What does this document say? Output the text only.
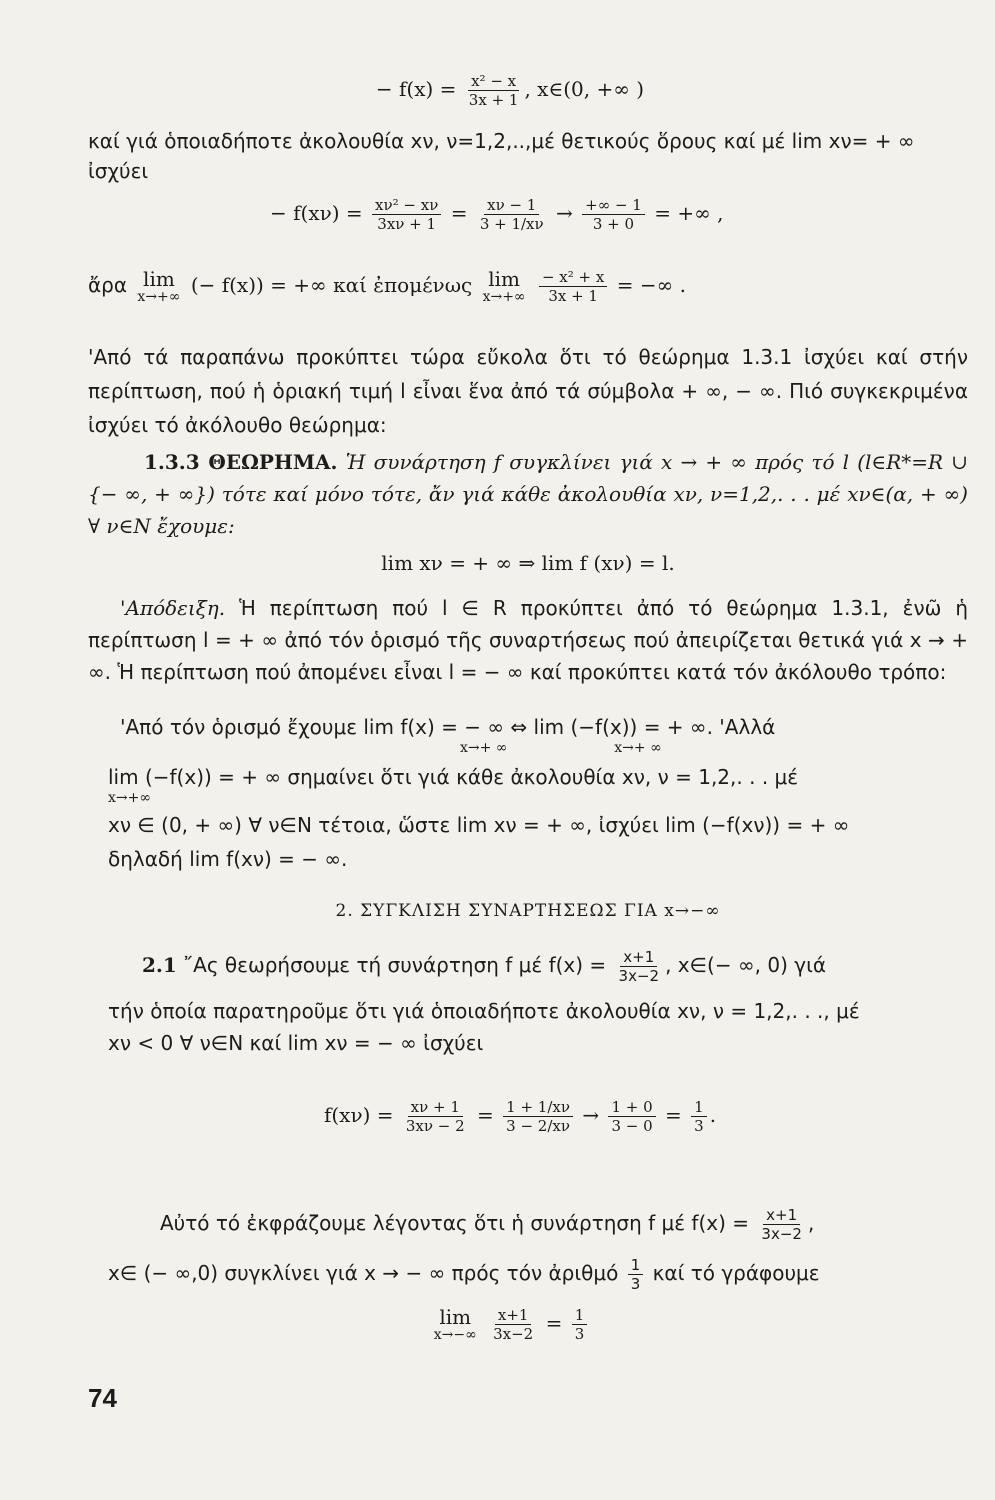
− $f(x) = \frac{\text{x² − x}}{3x + 1}$ , x∈(0, +∞ )
καί γιά ὁποιαδήποτε ἀκολουθία xν, ν=1,2,..,μέ θετικούς ὅρους καί μέ lim xν= + ∞
ἰσχύει
− $f(x\nu) = \frac{\text{xν² − xν}}{3x\nu + 1} = \frac{x\nu - 1}{3 + 1/x\nu} \to \frac{+\infty - 1}{3 + 0}$ = +∞ ,
ἄρα lim
x→+∞ (− f(x)) = +∞ καί ἐπομένως lim
x→+∞
$\frac{\text{− x² + x}}{3x + 1}$ = −∞ .
'Από τά παραπάνω προκύπτει τώρα εὔκολα ὅτι τό θεώρημα 1.3.1 ἰσχύει καί στήν περίπτωση, πού ἡ ὁριακή τιμή l εἶναι ἕνα ἀπό τά σύμβολα + ∞, − ∞. Πιό συγκεκριμένα ἰσχύει τό ἀκόλουθο θεώρημα:
1.3.3 ΘΕΩΡΗΜΑ. Ἡ συνάρτηση f συγκλίνει γιά x → + ∞ πρός τό l (l∈R*=R ∪ {− ∞, + ∞}) τότε καί μόνο τότε, ἄν γιά κάθε ἀκολουθία xν, ν=1,2,. . . μέ xν∈(α, + ∞) ∀ ν∈N ἔχουμε:
lim xν = + ∞ ⇒ lim f (xν) = l.
'Απόδειξη. Ἡ περίπτωση πού l ∈ R προκύπτει ἀπό τό θεώρημα 1.3.1, ἐνῶ ἡ περίπτωση l = + ∞ ἀπό τόν ὁρισμό τῆς συναρτήσεως πού ἀπειρίζεται θετικά γιά x → + ∞. Ἡ περίπτωση πού ἀπομένει εἶναι l = − ∞ καί προκύπτει κατά τόν ἀκόλουθο τρόπο:
'Από τόν ὁρισμό ἔχουμε lim f(x) = − ∞ ⇔ lim (−f(x)) = + ∞. 'Αλλά
x→+ ∞                        x→+ ∞
lim (−f(x)) = + ∞ σημαίνει ὅτι γιά κάθε ἀκολουθία xν, ν = 1,2,. . . μέ
x→+∞
xν ∈ (0, + ∞) ∀ ν∈N τέτοια, ὥστε lim xν = + ∞, ἰσχύει lim (−f(xν)) = + ∞
δηλαδή lim f(xν) = − ∞.
2. ΣΥΓΚΛΙΣΗ ΣΥΝΑΡΤΗΣΕΩΣ ΓΙΑ x→−∞
2.1 ῎Ας θεωρήσουμε τή συνάρτηση f μέ $f(x) = \frac{x+1}{3x-2}$ , x∈(− ∞, 0) γιά
τήν ὁποία παρατηροῦμε ὅτι γιά ὁποιαδήποτε ἀκολουθία xν, ν = 1,2,. . ., μέ
xν < 0 ∀ ν∈N καί lim xν = − ∞ ἰσχύει
$f(x\nu) = \frac{x\nu + 1}{3x\nu - 2} = \frac{1 + 1/x\nu}{3 - 2/x\nu} \to \frac{1 + 0}{3 - 0} = \frac{1}{3}$ .
Αὐτό τό ἐκφράζουμε λέγοντας ὅτι ἡ συνάρτηση f μέ $f(x) = \frac{x+1}{3x-2}$ ,
x∈ (− ∞,0) συγκλίνει γιά x → − ∞ πρός τόν ἀριθμό $\frac{1}{3}$ καί τό γράφουμε
lim
x→−∞
$\frac{x+1}{3x-2} = \frac{1}{3}$
74
